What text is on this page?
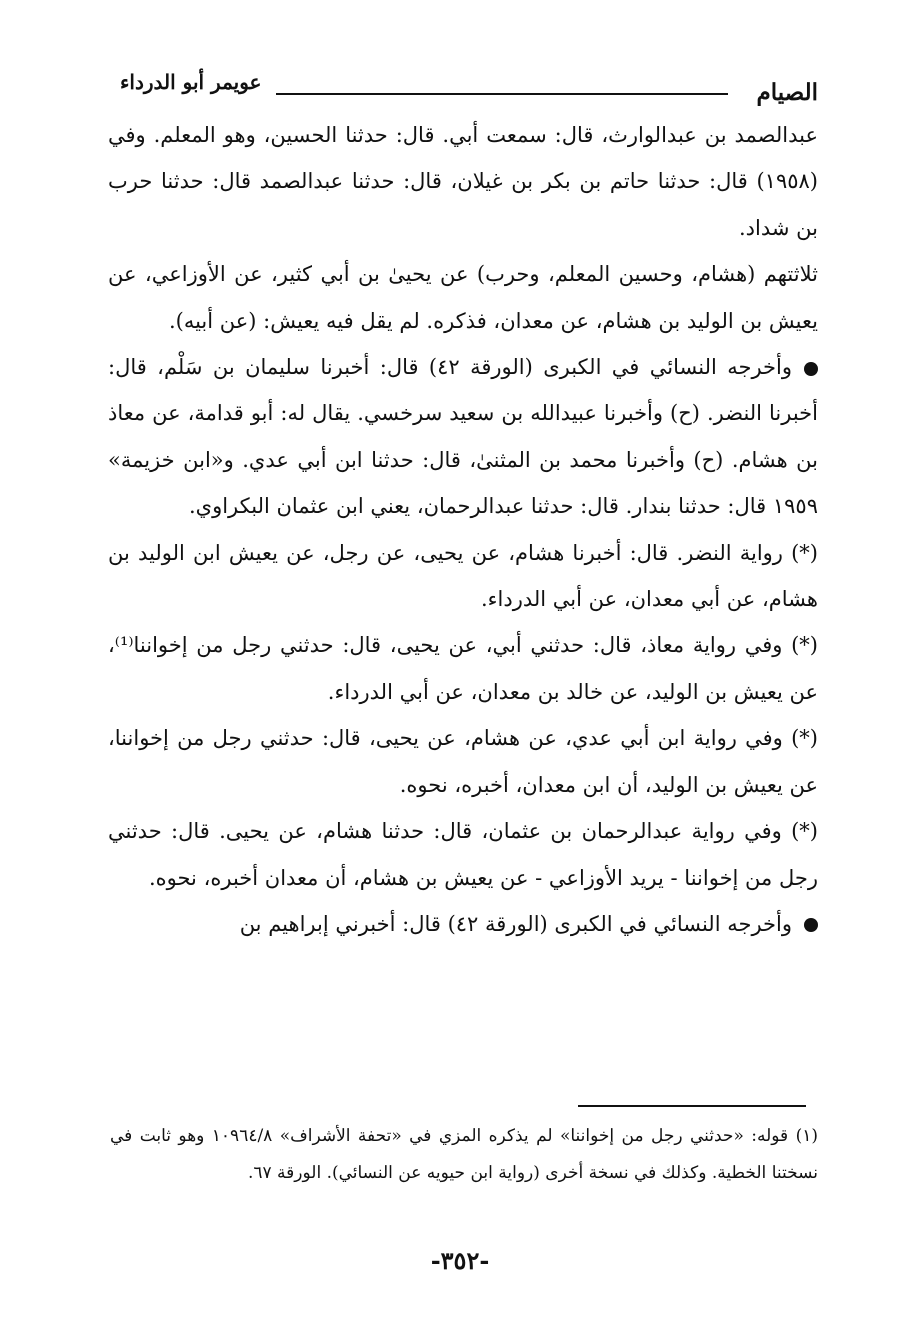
الصيام
عويمر أبو الدرداء

عبدالصمد بن عبدالوارث، قال: سمعت أبي. قال: حدثنا الحسين، وهو المعلم. وفي (١٩٥٨) قال: حدثنا حاتم بن بكر بن غيلان، قال: حدثنا عبدالصمد قال: حدثنا حرب بن شداد.

ثلاثتهم (هشام، وحسين المعلم، وحرب) عن يحيىٰ بن أبي كثير، عن الأوزاعي، عن يعيش بن الوليد بن هشام، عن معدان، فذكره. لم يقل فيه يعيش: (عن أبيه).

وأخرجه النسائي في الكبرى (الورقة ٤٢) قال: أخبرنا سليمان بن سَلْم، قال: أخبرنا النضر. (ح) وأخبرنا عبيدالله بن سعيد سرخسي. يقال له: أبو قدامة، عن معاذ بن هشام. (ح) وأخبرنا محمد بن المثنىٰ، قال: حدثنا ابن أبي عدي. و«ابن خزيمة» ١٩٥٩ قال: حدثنا بندار. قال: حدثنا عبدالرحمان، يعني ابن عثمان البكراوي.

(*) رواية النضر. قال: أخبرنا هشام، عن يحيى، عن رجل، عن يعيش ابن الوليد بن هشام، عن أبي معدان، عن أبي الدرداء.

(*) وفي رواية معاذ، قال: حدثني أبي، عن يحيى، قال: حدثني رجل من إخواننا⁽¹⁾، عن يعيش بن الوليد، عن خالد بن معدان، عن أبي الدرداء.

(*) وفي رواية ابن أبي عدي، عن هشام، عن يحيى، قال: حدثني رجل من إخواننا، عن يعيش بن الوليد، أن ابن معدان، أخبره، نحوه.

(*) وفي رواية عبدالرحمان بن عثمان، قال: حدثنا هشام، عن يحيى. قال: حدثني رجل من إخواننا - يريد الأوزاعي - عن يعيش بن هشام، أن معدان أخبره، نحوه.

وأخرجه النسائي في الكبرى (الورقة ٤٢) قال: أخبرني إبراهيم بن

(١) قوله: «حدثني رجل من إخواننا» لم يذكره المزي في «تحفة الأشراف» ١٠٩٦٤/٨ وهو ثابت في نسختنا الخطية. وكذلك في نسخة أخرى (رواية ابن حيويه عن النسائي). الورقة ٦٧.

-٣٥٢-
